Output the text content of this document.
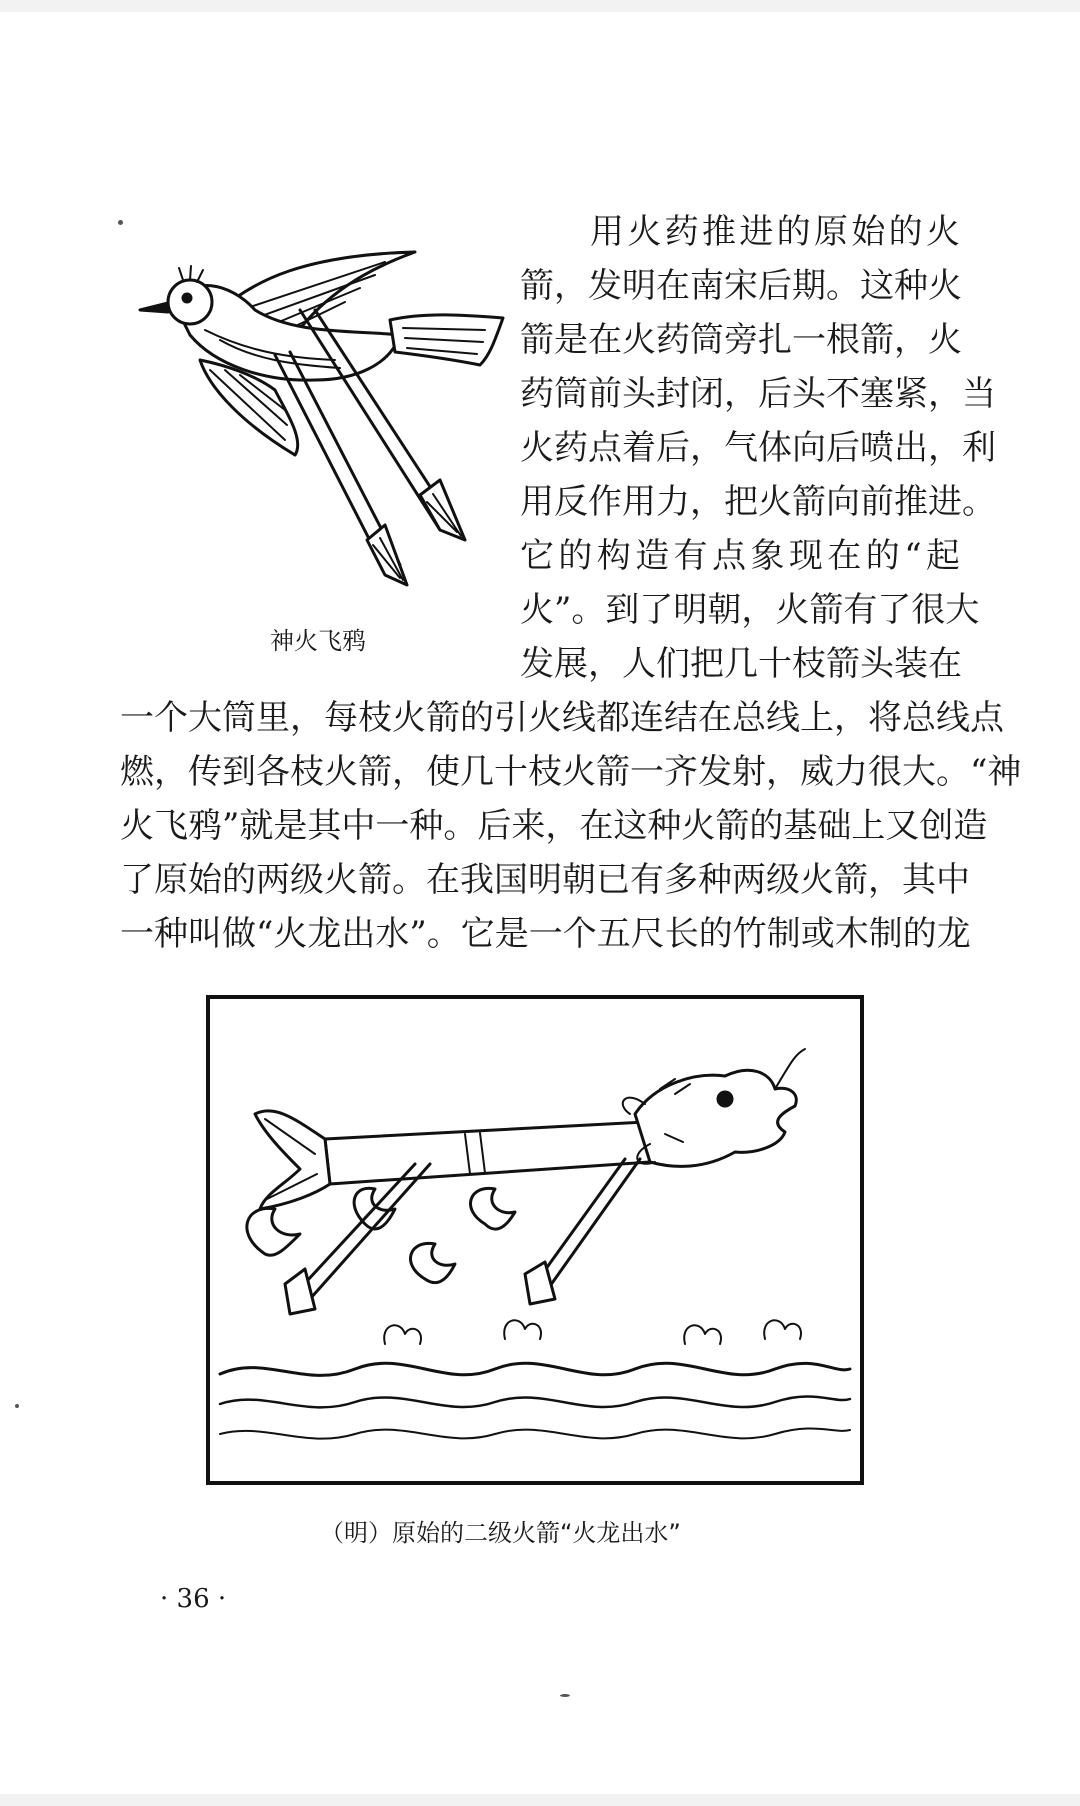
神火飞鸦

用火药推进的原始的火

箭，发明在南宋后期。这种火

箭是在火药筒旁扎一根箭，火

药筒前头封闭，后头不塞紧，当

火药点着后，气体向后喷出，利

用反作用力，把火箭向前推进。

它的构造有点象现在的“起

火”。到了明朝，火箭有了很大

发展，人们把几十枝箭头装在

一个大筒里，每枝火箭的引火线都连结在总线上，将总线点

燃，传到各枝火箭，使几十枝火箭一齐发射，威力很大。“神

火飞鸦”就是其中一种。后来，在这种火箭的基础上又创造

了原始的两级火箭。在我国明朝已有多种两级火箭，其中

一种叫做“火龙出水”。它是一个五尺长的竹制或木制的龙

（明）原始的二级火箭“火龙出水”

· 36 ·
